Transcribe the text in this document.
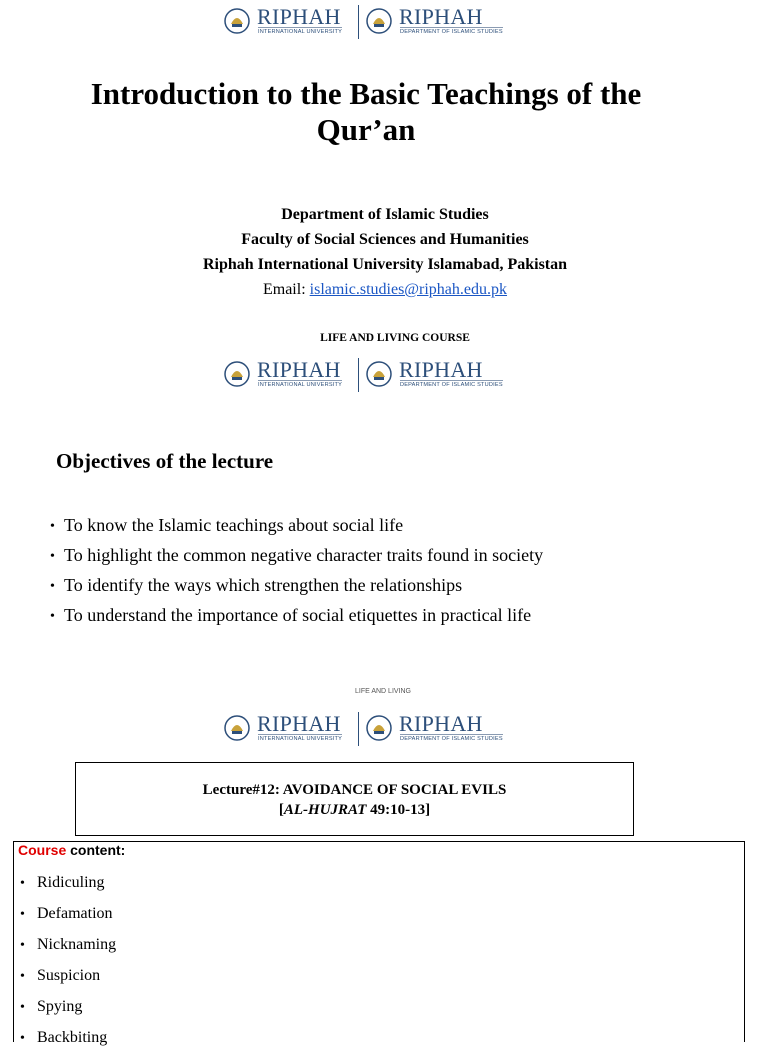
RIPHAH
INTERNATIONAL UNIVERSITY
RIPHAH
DEPARTMENT OF ISLAMIC STUDIES
Introduction to the Basic Teachings of the Qur’an
Department of Islamic Studies
Faculty of Social Sciences and Humanities
Riphah International University Islamabad, Pakistan
Email: islamic.studies@riphah.edu.pk
LIFE AND LIVING COURSE
RIPHAH
INTERNATIONAL UNIVERSITY
RIPHAH
DEPARTMENT OF ISLAMIC STUDIES
Objectives of the lecture
• To know the Islamic teachings about social life
• To highlight the common negative character traits found in society
• To identify the ways which strengthen the relationships
• To understand the importance of social etiquettes in practical life
LIFE AND LIVING
RIPHAH
INTERNATIONAL UNIVERSITY
RIPHAH
DEPARTMENT OF ISLAMIC STUDIES
Lecture#12: AVOIDANCE OF SOCIAL EVILS
[AL-HUJRAT 49:10-13]
Course content:
• Ridiculing
• Defamation
• Nicknaming
• Suspicion
• Spying
• Backbiting
